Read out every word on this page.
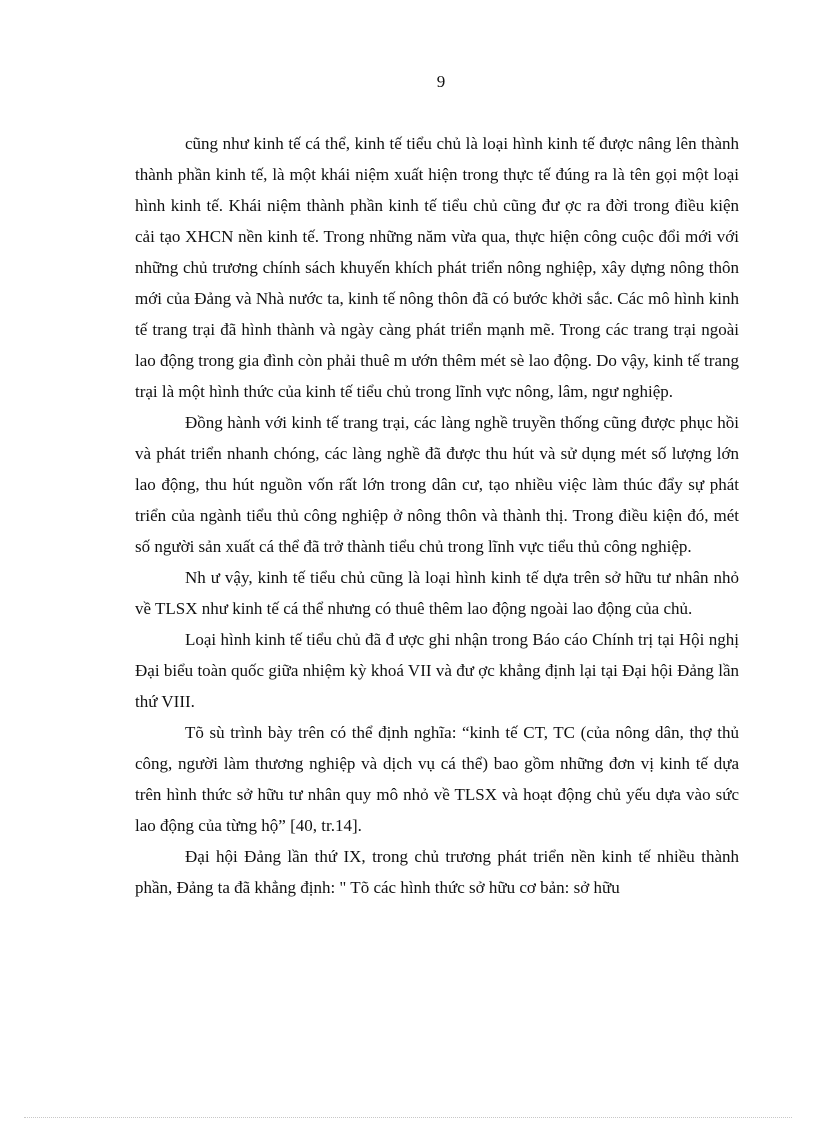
9

cũng như kinh tế cá thể, kinh tế tiểu chủ là loại hình kinh tế được nâng lên thành thành phần kinh tế, là một khái niệm xuất hiện trong thực tế đúng ra là tên gọi một loại hình kinh tế. Khái niệm thành phần kinh tế tiểu chủ cũng đư ợc ra đời trong điều kiện cải tạo XHCN nền kinh tế. Trong những năm vừa qua, thực hiện công cuộc đổi mới với những chủ trương chính sách khuyến khích phát triển nông nghiệp, xây dựng nông thôn mới của Đảng và Nhà nước ta, kinh tế nông thôn đã có bước khởi sắc. Các mô hình kinh tế trang trại đã hình thành và ngày càng phát triển mạnh mẽ. Trong các trang trại ngoài lao động trong gia đình còn phải thuê m ướn thêm mét sè lao động. Do vậy, kinh tế trang trại là một hình thức của kinh tế tiểu chủ trong lĩnh vực nông, lâm, ngư nghiệp.

Đồng hành với kinh tế trang trại, các làng nghề truyền thống cũng được phục hồi và phát triển nhanh chóng, các làng nghề đã được thu hút và sử dụng mét số lượng lớn lao động, thu hút nguồn vốn rất lớn trong dân cư, tạo nhiều việc làm thúc đẩy sự phát triển của ngành tiểu thủ công nghiệp ở nông thôn và thành thị. Trong điều kiện đó, mét số người sản xuất cá thể đã trở thành tiểu chủ trong lĩnh vực tiểu thủ công nghiệp.

Nh ư vậy, kinh tế tiểu chủ cũng là loại hình kinh tế dựa trên sở hữu tư nhân nhỏ về TLSX như kinh tế cá thể nhưng có thuê thêm lao động ngoài lao động của chủ.

Loại hình kinh tế tiểu chủ đã đ ược ghi nhận trong Báo cáo Chính trị tại Hội nghị Đại biểu toàn quốc giữa nhiệm kỳ khoá VII và đư ợc khẳng định lại tại Đại hội Đảng lần thứ VIII.

Tõ sù trình bày trên có thể định nghĩa: “kinh tế CT, TC (của nông dân, thợ thủ công, người làm thương nghiệp và dịch vụ cá thể) bao gồm những đơn vị kinh tế dựa trên hình thức sở hữu tư nhân quy mô nhỏ về TLSX và hoạt động chủ yếu dựa vào sức lao động của từng hộ” [40, tr.14].

Đại hội Đảng lần thứ IX, trong chủ trương phát triển nền kinh tế nhiều thành phần, Đảng ta đã khẳng định: " Tõ các hình thức sở hữu cơ bản: sở hữu
